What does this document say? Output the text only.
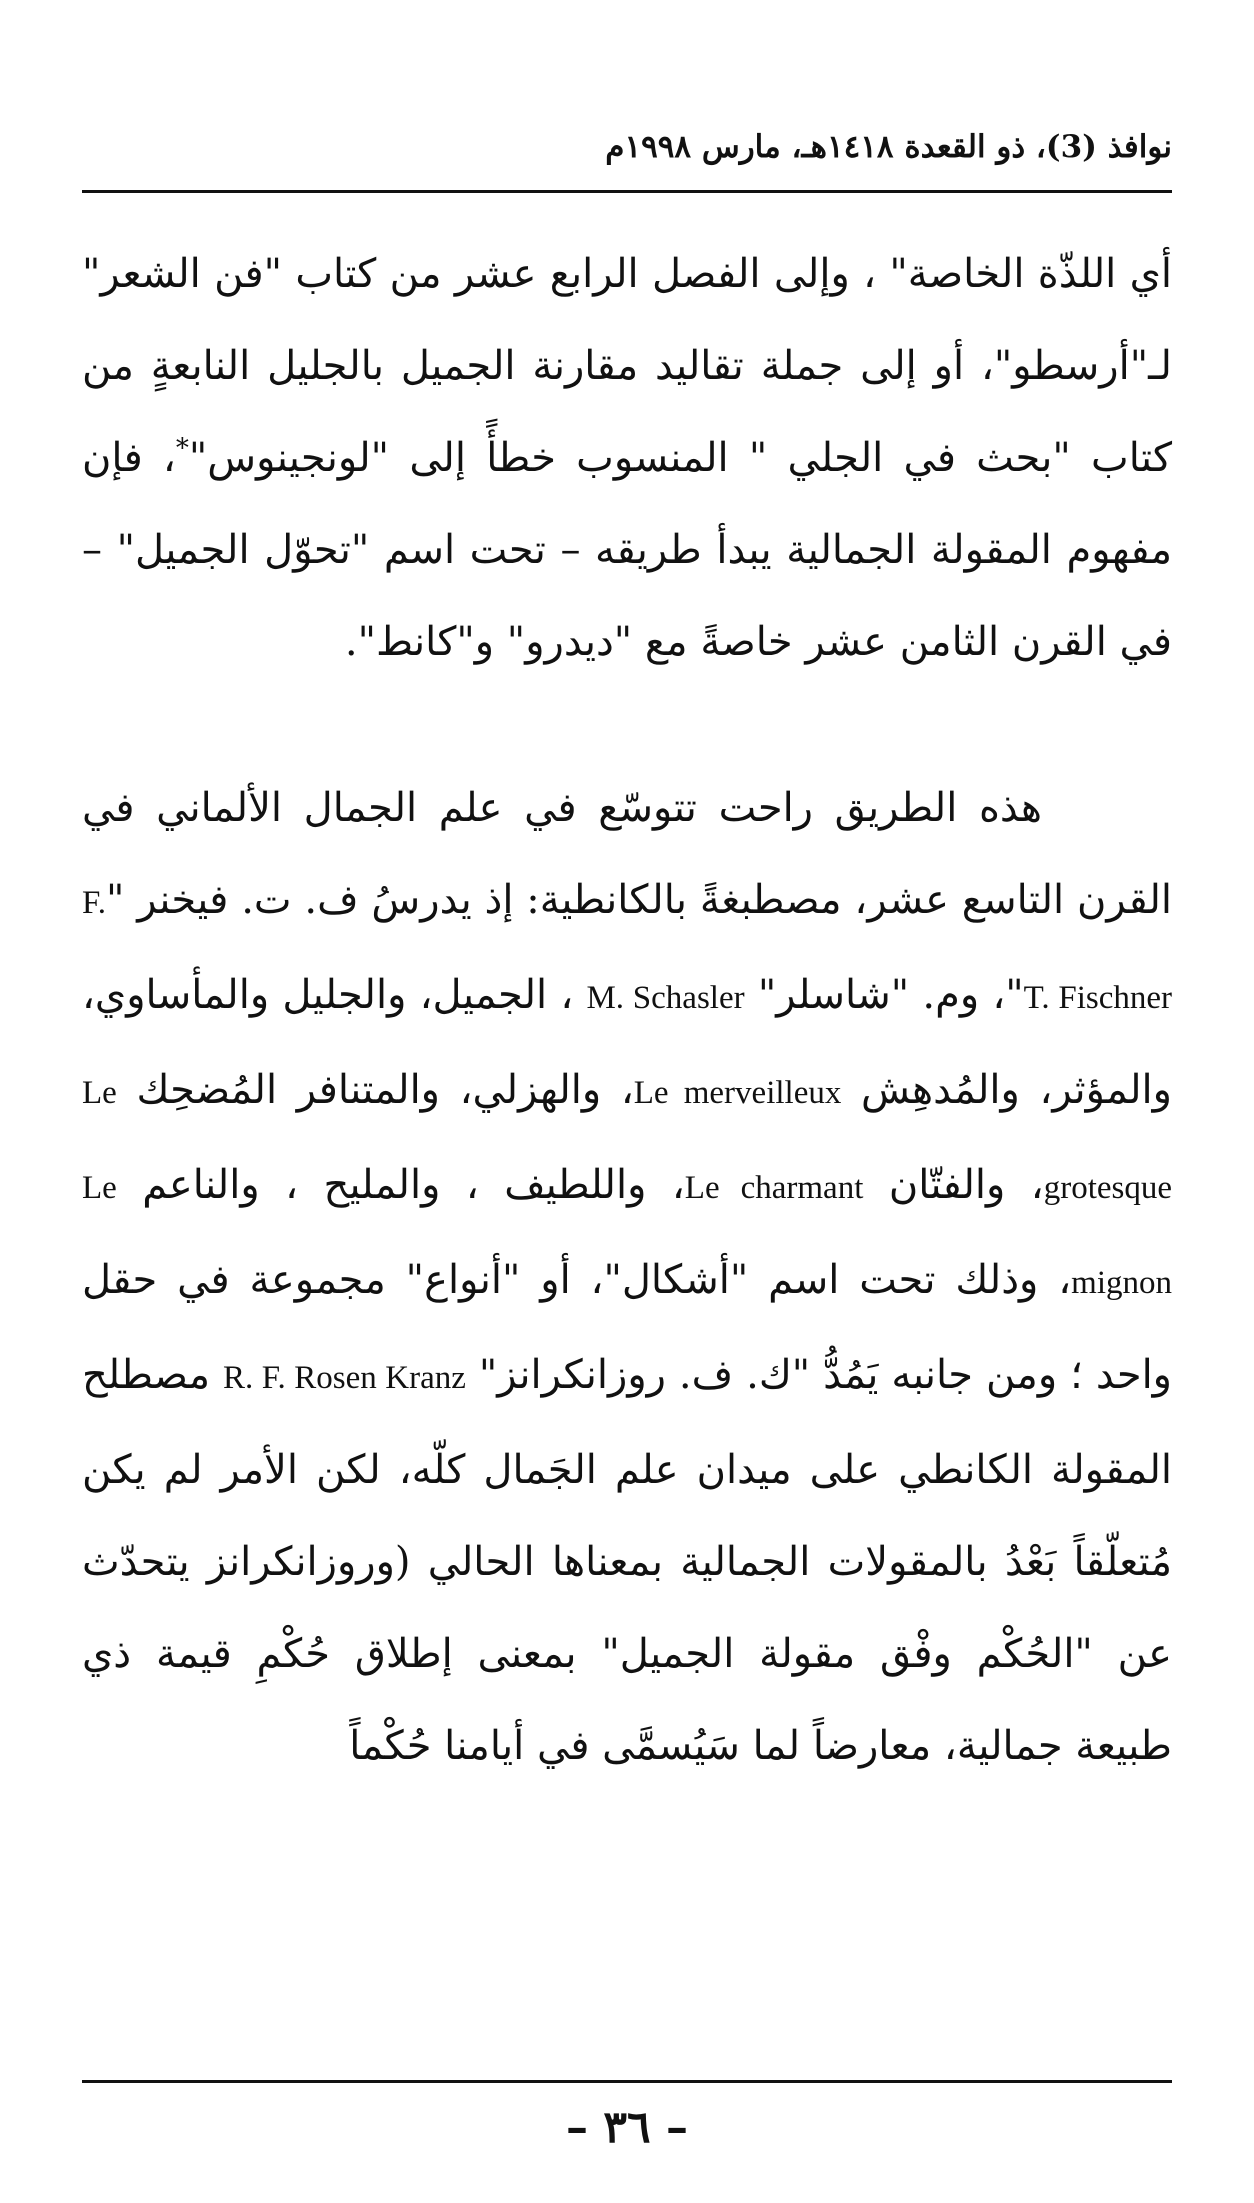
نوافذ (3)، ذو القعدة ١٤١٨هـ، مارس ١٩٩٨م

أي اللذّة الخاصة" ، وإلى الفصل الرابع عشر من كتاب "فن الشعر" لـ"أرسطو"، أو إلى جملة تقاليد مقارنة الجميل بالجليل النابعةٍ من كتاب "بحث في الجلي " المنسوب خطأً إلى "لونجينوس"*، فإن مفهوم المقولة الجمالية يبدأ طريقه – تحت اسم "تحوّل الجميل" – في القرن الثامن عشر خاصةً مع "ديدرو" و"كانط".

هذه الطريق راحت تتوسّع في علم الجمال الألماني في القرن التاسع عشر، مصطبغةً بالكانطية: إذ يدرسُ ف. ت. فيخنر "F. T. Fischner"، وم. "شاسلر" M. Schasler ، الجميل، والجليل والمأساوي، والمؤثر، والمُدهِش Le merveilleux، والهزلي، والمتنافر المُضحِك Le grotesque، والفتّان Le charmant، واللطيف ، والمليح ، والناعم Le mignon، وذلك تحت اسم "أشكال"، أو "أنواع" مجموعة في حقل واحد ؛ ومن جانبه يَمُدُّ "ك. ف. روزانكرانز" R. F. Rosen Kranz مصطلح المقولة الكانطي على ميدان علم الجَمال كلّه، لكن الأمر لم يكن مُتعلّقاً بَعْدُ بالمقولات الجمالية بمعناها الحالي (وروزانكرانز يتحدّث عن "الحُكْم وفْق مقولة الجميل" بمعنى إطلاق حُكْمِ قيمة ذي طبيعة جمالية، معارضاً لما سَيُسمَّى في أيامنا حُكْماً

– ٣٦ –
